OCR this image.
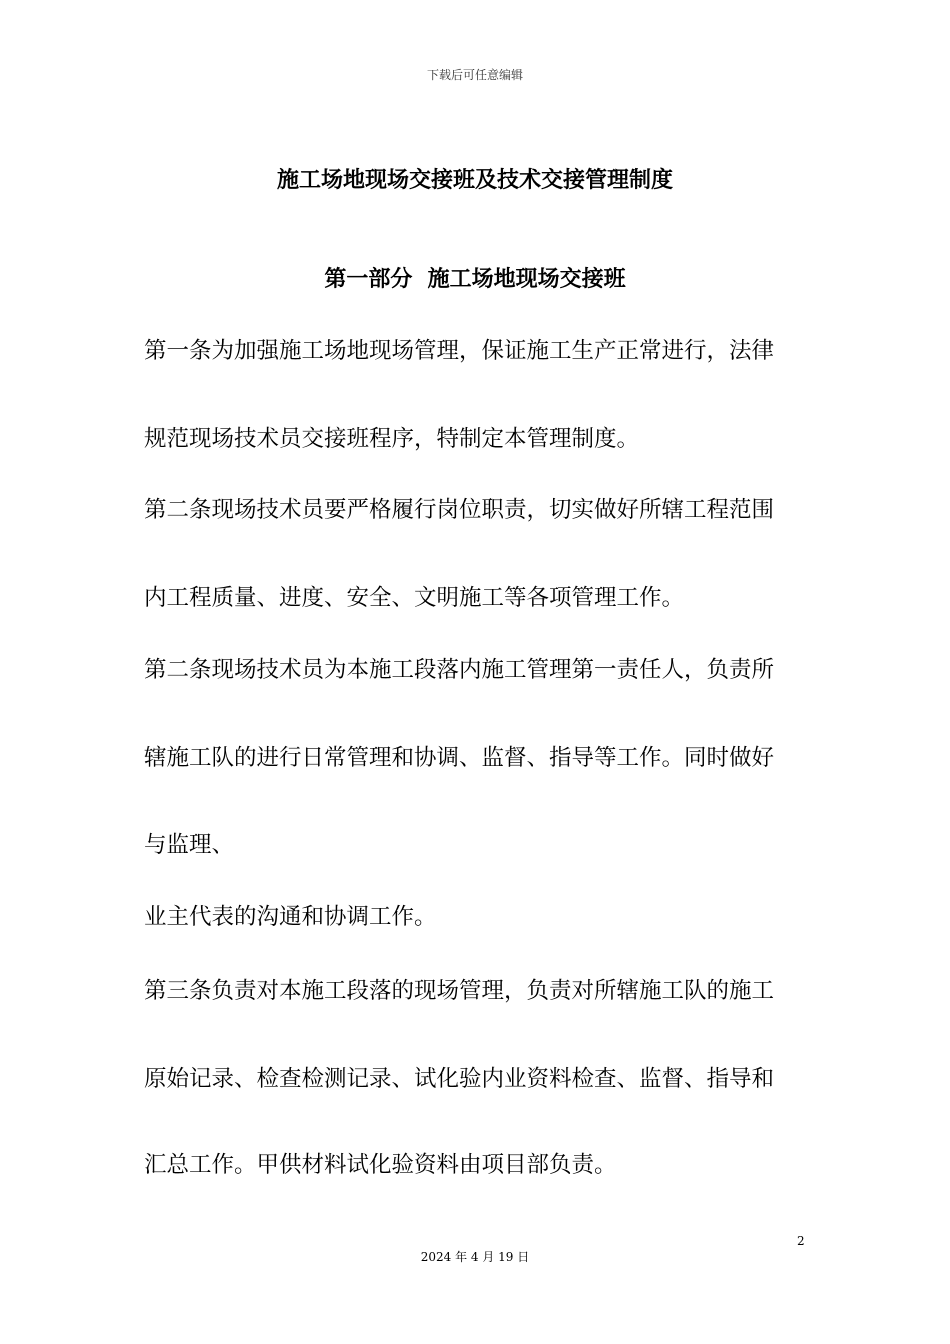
下载后可任意编辑
施工场地现场交接班及技术交接管理制度
第一部分  施工场地现场交接班
第一条为加强施工场地现场管理，保证施工生产正常进行，法律
规范现场技术员交接班程序，特制定本管理制度。
第二条现场技术员要严格履行岗位职责，切实做好所辖工程范围
内工程质量、进度、安全、文明施工等各项管理工作。
第二条现场技术员为本施工段落内施工管理第一责任人，负责所
辖施工队的进行日常管理和协调、监督、指导等工作。同时做好
与监理、
业主代表的沟通和协调工作。
第三条负责对本施工段落的现场管理，负责对所辖施工队的施工
原始记录、检查检测记录、试化验内业资料检查、监督、指导和
汇总工作。甲供材料试化验资料由项目部负责。
2
2024 年 4 月 19 日
